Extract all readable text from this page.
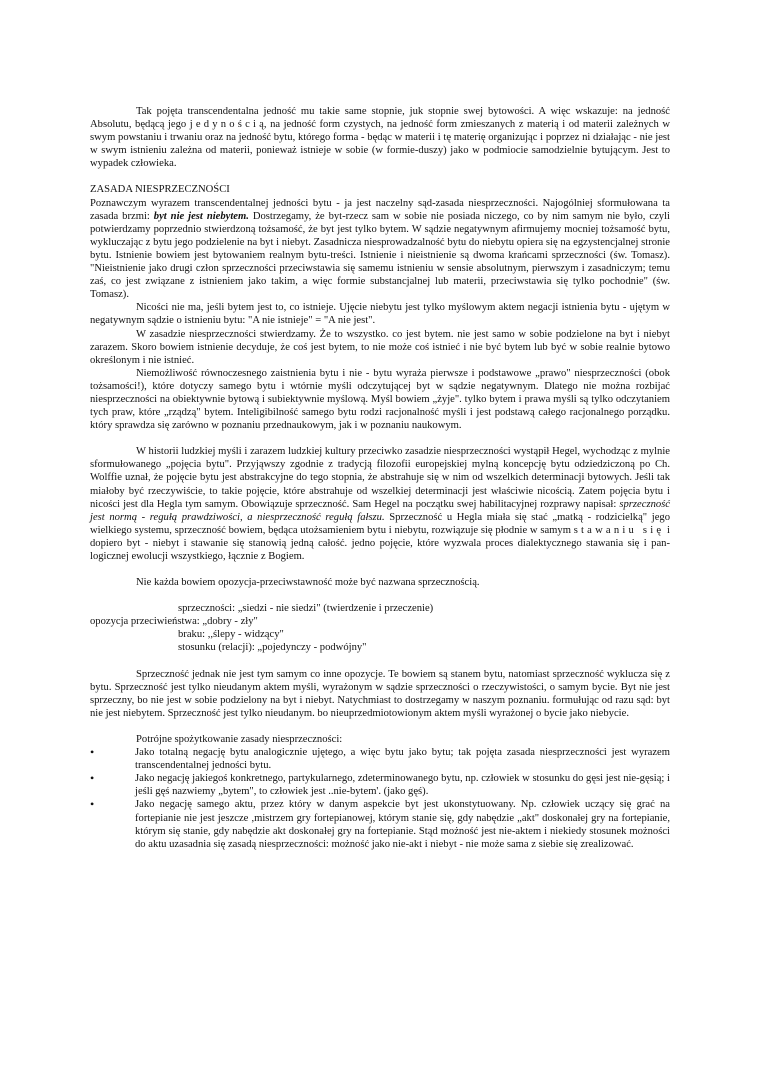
Tak pojęta transcendentalna jedność mu takie same stopnie, juk stopnie swej bytowości. A więc wskazuje: na jedność Absolutu, będącą jego jedynością, na jedność form czystych, na jedność form zmieszanych z materią i od materii zależnych w swym powstaniu i trwaniu oraz na jedność bytu, którego forma - będąc w materii i tę materię organizując i poprzez ni działając - nie jest w swym istnieniu zależna od materii, ponieważ istnieje w sobie (w formie-duszy) jako w podmiocie samodzielnie bytującym. Jest to wypadek człowieka.

ZASADA NIESPRZECZNOŚCI

Poznawczym wyrazem transcendentalnej jedności bytu - ja jest naczelny sąd-zasada niesprzeczności. Najogólniej sformułowana ta zasada brzmi: byt nie jest niebytem. Dostrzegamy, że byt-rzecz sam w sobie nie posiada niczego, co by nim samym nie było, czyli potwierdzamy poprzednio stwierdzoną tożsamość, że byt jest tylko bytem. W sądzie negatywnym afirmujemy mocniej tożsamość bytu, wykluczając z bytu jego podzielenie na byt i niebyt. Zasadnicza niesprowadzalność bytu do niebytu opiera się na egzystencjalnej stronie bytu. Istnienie bowiem jest bytowaniem realnym bytu-treści. Istnienie i nieistnienie są dwoma krańcami sprzeczności (św. Tomasz). "Nieistnienie jako drugi człon sprzeczności przeciwstawia się samemu istnieniu w sensie absolutnym, pierwszym i zasadniczym; temu zaś, co jest związane z istnieniem jako takim, a więc formie substancjalnej lub materii, przeciwstawia się tylko pochodnie" (św. Tomasz).

Nicości nie ma, jeśli bytem jest to, co istnieje. Ujęcie niebytu jest tylko myślowym aktem negacji istnienia bytu - ujętym w negatywnym sądzie o istnieniu bytu: "A nie istnieje" = "A nie jest".

W zasadzie niesprzeczności stwierdzamy. Że to wszystko. co jest bytem. nie jest samo w sobie podzielone na byt i niebyt zarazem. Skoro bowiem istnienie decyduje, że coś jest bytem, to nie może coś istnieć i nie być bytem lub być w sobie realnie bytowo określonym i nie istnieć.

Niemożliwość równoczesnego zaistnienia bytu i nie - bytu wyraża pierwsze i podstawowe „prawo" niesprzeczności (obok tożsamości!), które dotyczy samego bytu i wtórnie myśli odczytującej byt w sądzie negatywnym. Dlatego nie można rozbijać niesprzeczności na obiektywnie bytową i subiektywnie myślową. Myśl bowiem „żyje". tylko bytem i prawa myśli są tylko odczytaniem tych praw, które „rządzą" bytem. Inteligibilność samego bytu rodzi racjonalność myśli i jest podstawą całego racjonalnego porządku. który sprawdza się zarówno w poznaniu przednaukowym, jak i w poznaniu naukowym.

W historii ludzkiej myśli i zarazem ludzkiej kultury przeciwko zasadzie niesprzeczności wystąpił Hegel, wychodząc z mylnie sformułowanego „pojęcia bytu". Przyjąwszy zgodnie z tradycją filozofii europejskiej mylną koncepcję bytu odziedziczoną po Ch. Wolffie uznał, że pojęcie bytu jest abstrakcyjne do tego stopnia, że abstrahuje się w nim od wszelkich determinacji bytowych. Jeśli tak miałoby być rzeczywiście, to takie pojęcie, które abstrahuje od wszelkiej determinacji jest właściwie nicością. Zatem pojęcia bytu i nicości jest dla Hegla tym samym. Obowiązuje sprzeczność. Sam Hegel na początku swej habilitacyjnej rozprawy napisał: sprzeczność jest normą - regułą prawdziwości, a niesprzeczność regułą fałszu. Sprzeczność u Hegla miała się stać „matką - rodzicielką" jego wielkiego systemu, sprzeczność bowiem, będąca utożsamieniem bytu i niebytu, rozwiązuje się płodnie w samym stawaniu się i dopiero byt - niebyt i stawanie się stanowią jedną całość. jedno pojęcie, które wyzwala proces dialektycznego stawania się i pan-logicznej ewolucji wszystkiego, łącznie z Bogiem.

Nie każda bowiem opozycja-przeciwstawność może być nazwana sprzecznością.

sprzeczności: „siedzi - nie siedzi" (twierdzenie i przeczenie)

opozycja przeciwieństwa: „dobry - zły"

braku: ,,ślepy - widzący"

stosunku (relacji): „pojedynczy - podwójny"

Sprzeczność jednak nie jest tym samym co inne opozycje. Te bowiem są stanem bytu, natomiast sprzeczność wyklucza się z bytu. Sprzeczność jest tylko nieudanym aktem myśli, wyrażonym w sądzie sprzeczności o rzeczywistości, o samym bycie. Byt nie jest sprzeczny, bo nie jest w sobie podzielony na byt i niebyt. Natychmiast to dostrzegamy w naszym poznaniu. formułując od razu sąd: byt nie jest niebytem. Sprzeczność jest tylko nieudanym. bo nieuprzedmiotowionym aktem myśli wyrażonej o bycie jako niebycie.

Potrójne spożytkowanie zasady niesprzeczności:

• Jako totalną negację bytu analogicznie ujętego, a więc bytu jako bytu; tak pojęta zasada niesprzeczności jest wyrazem transcendentalnej jedności bytu.
• Jako negację jakiegoś konkretnego, partykularnego, zdeterminowanego bytu, np. człowiek w stosunku do gęsi jest nie-gęsią; i jeśli gęś nazwiemy „bytem", to człowiek jest ..nie-bytem'. (jako gęś).
• Jako negację samego aktu, przez który w danym aspekcie byt jest ukonstytuowany. Np. człowiek uczący się grać na fortepianie nie jest jeszcze ,mistrzem gry fortepianowej, którym stanie się, gdy nabędzie „akt" doskonałej gry na fortepianie, którym się stanie, gdy nabędzie akt doskonałej gry na fortepianie. Stąd możność jest nie-aktem i niekiedy stosunek możności do aktu uzasadnia się zasadą niesprzeczności: możność jako nie-akt i niebyt - nie może sama z siebie się zrealizować.
